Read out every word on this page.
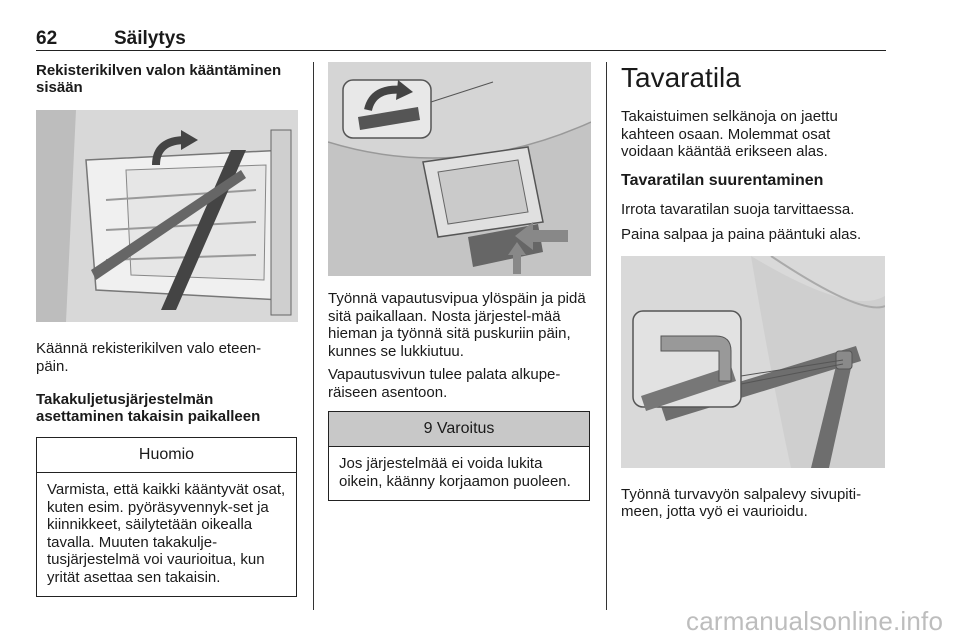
62	Säilytys

Rekisterikilven valon kääntäminen sisään

Käännä rekisterikilven valo eteen-päin.

Takakuljetusjärjestelmän asettaminen takaisin paikalleen

Huomio
Varmista, että kaikki kääntyvät osat, kuten esim. pyöräsyvennyk-set ja kiinnikkeet, säilytetään oikealla tavalla. Muuten takakulje-tusjärjestelmä voi vaurioitua, kun yrität asettaa sen takaisin.

Työnnä vapautusvipua ylöspäin ja pidä sitä paikallaan. Nosta järjestel-mää hieman ja työnnä sitä puskuriin päin, kunnes se lukkiutuu.

Vapautusvivun tulee palata alkupe-räiseen asentoon.

9 Varoitus
Jos järjestelmää ei voida lukita oikein, käänny korjaamon puoleen.

Tavaratila

Takaistuimen selkänoja on jaettu kahteen osaan. Molemmat osat voidaan kääntää erikseen alas.

Tavaratilan suurentaminen

Irrota tavaratilan suoja tarvittaessa.

Paina salpaa ja paina pääntuki alas.

Työnnä turvavyön salpalevy sivupiti-meen, jotta vyö ei vaurioidu.

carmanualsonline.info
